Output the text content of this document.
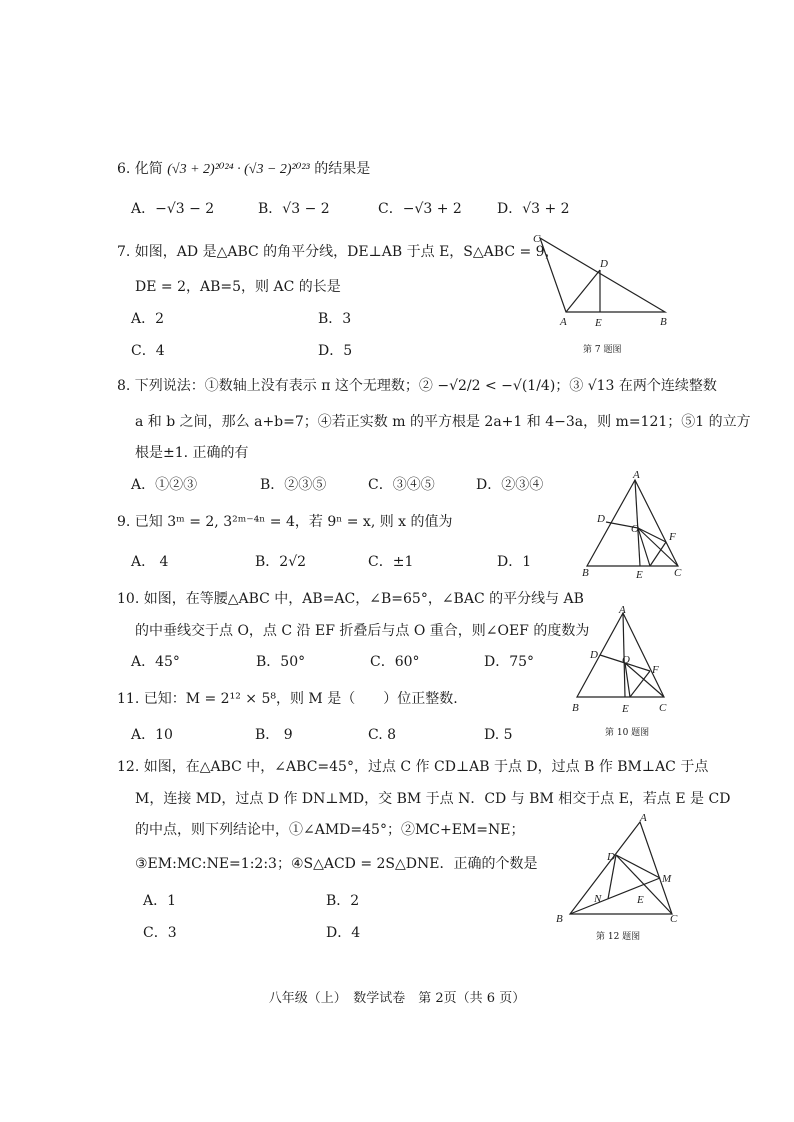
6. 化简 (√3 + 2)²⁰²⁴ · (√3 − 2)²⁰²³ 的结果是
A．−√3 − 2	B．√3 − 2	C．−√3 + 2	D．√3 + 2
7. 如图，AD 是△ABC 的角平分线，DE⊥AB 于点 E，S△ABC = 9，
DE = 2，AB=5，则 AC 的长是
A．2	B．3
C．4	D．5
C
D
A	E	B
第 7 题图
8. 下列说法：①数轴上没有表示 π 这个无理数；② −√2/2 < −√(1/4)；③ √13 在两个连续整数
a 和 b 之间，那么 a+b=7；④若正实数 m 的平方根是 2a+1 和 4−3a，则 m=121；⑤1 的立方
根是±1. 正确的有
A．①②③	B．②③⑤	C．③④⑤	D．②③④
9. 已知 3ᵐ = 2, 3²ᵐ⁻⁴ⁿ = 4，若 9ⁿ = x, 则 x 的值为
A． 4	B．2√2	C．±1	D．1
A
D
O
F
B	E	C
10. 如图，在等腰△ABC 中，AB=AC，∠B=65°，∠BAC 的平分线与 AB
的中垂线交于点 O，点 C 沿 EF 折叠后与点 O 重合，则∠OEF 的度数为
A．45°	B．50°	C．60°	D．75°
A
D O
F
B	E	C
第 10 题图
11. 已知：M = 2¹² × 5⁸，则 M 是（　　）位正整数.
A．10	B． 9	C. 8	D. 5
12. 如图，在△ABC 中，∠ABC=45°，过点 C 作 CD⊥AB 于点 D，过点 B 作 BM⊥AC 于点
M，连接 MD，过点 D 作 DN⊥MD，交 BM 于点 N．CD 与 BM 相交于点 E，若点 E 是 CD
的中点，则下列结论中，①∠AMD=45°；②MC+EM=NE；
③EM:MC:NE=1:2:3；④S△ACD = 2S△DNE．正确的个数是
A．1	B．2
C．3	D．4
A
D
M
N	E
B	C
第 12 题图
八年级（上）　数学试卷　第 2页（共 6 页）
